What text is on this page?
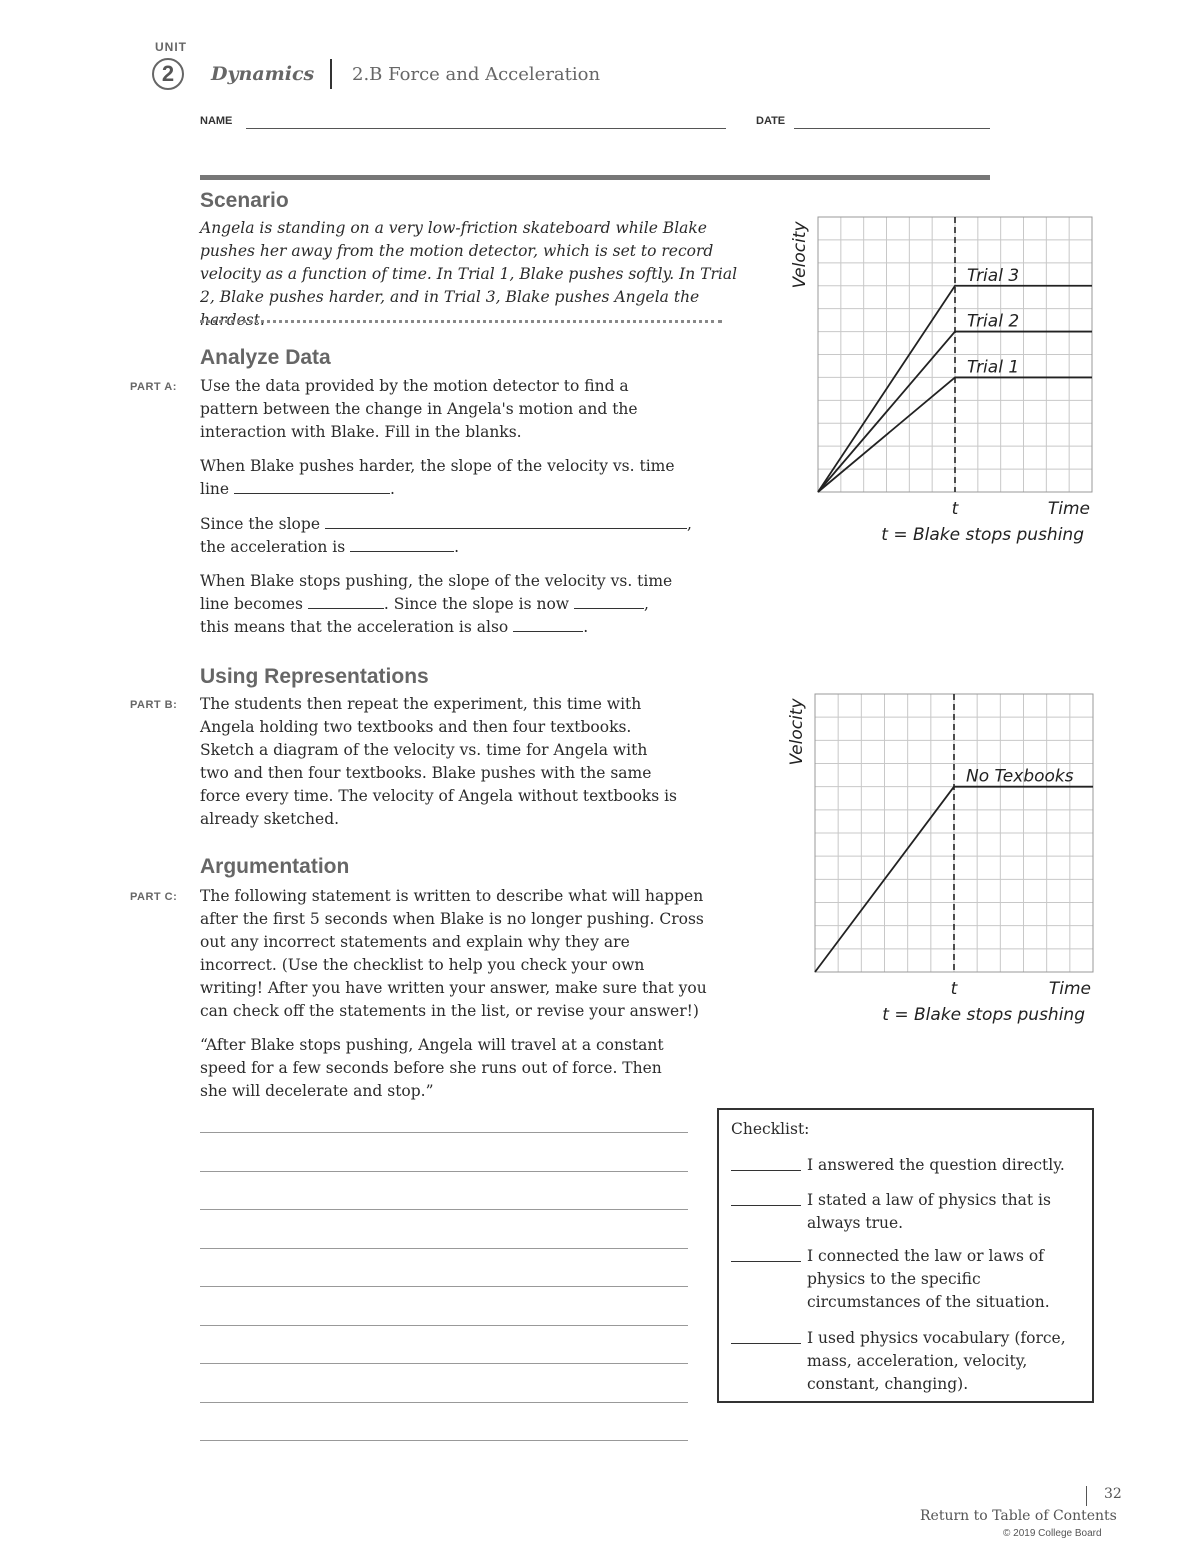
UNIT
2	Dynamics 2.B Force and Acceleration
NAME	DATE
Scenario
Angela is standing on a very low-friction skateboard while Blake pushes her away from the motion detector, which is set to record velocity as a function of time. In Trial 1, Blake pushes softly. In Trial 2, Blake pushes harder, and in Trial 3, Blake pushes Angela the hardest.
Analyze Data
PART A: Use the data provided by the motion detector to find a pattern between the change in Angela's motion and the interaction with Blake. Fill in the blanks.
When Blake pushes harder, the slope of the velocity vs. time line	.
Since the slope	,
the acceleration is	.
When Blake stops pushing, the slope of the velocity vs. time line becomes	. Since the slope is now	, this means that the acceleration is also	.
Using Representations
PART B: The students then repeat the experiment, this time with Angela holding two textbooks and then four textbooks. Sketch a diagram of the velocity vs. time for Angela with two and then four textbooks. Blake pushes with the same force every time. The velocity of Angela without textbooks is already sketched.
Argumentation
PART C: The following statement is written to describe what will happen after the first 5 seconds when Blake is no longer pushing. Cross out any incorrect statements and explain why they are incorrect. (Use the checklist to help you check your own writing! After you have written your answer, make sure that you can check off the statements in the list, or revise your answer!)
“After Blake stops pushing, Angela will travel at a constant speed for a few seconds before she runs out of force. Then she will decelerate and stop.”
Checklist:
I answered the question directly.
I stated a law of physics that is always true.
I connected the law or laws of physics to the specific circumstances of the situation.
I used physics vocabulary (force, mass, acceleration, velocity, constant, changing).
Trial 3
Trial 2
Trial 1
Velocity
t	Time
t = Blake stops pushing
No Texbooks
Velocity
t	Time
t = Blake stops pushing
32
Return to Table of Contents
© 2019 College Board
